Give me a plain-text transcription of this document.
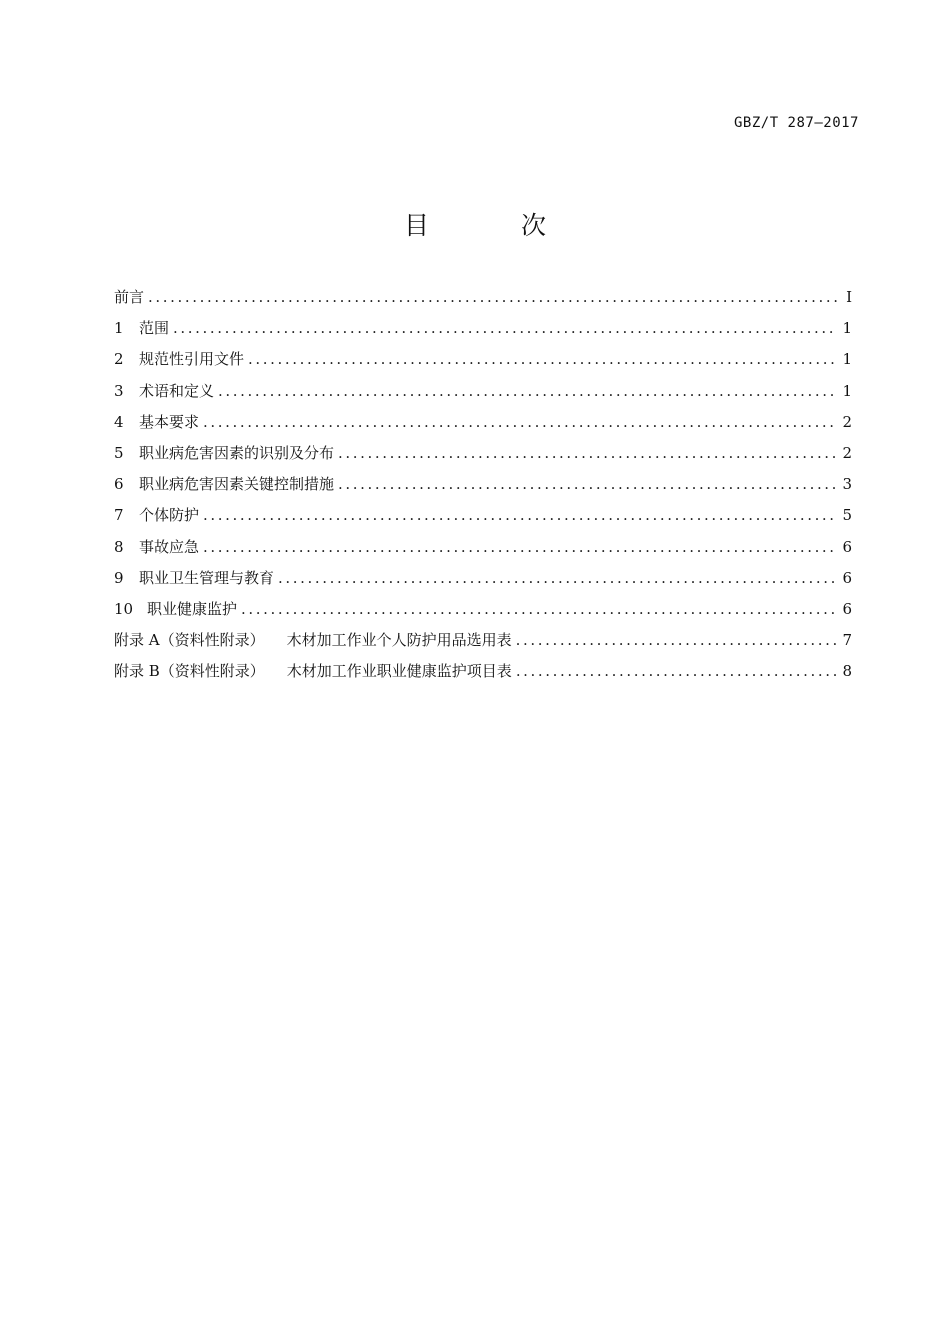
GBZ/T 287—2017
目 次
前言 .....	I
1	范围 .....	1
2	规范性引用文件 .....	1
3	术语和定义 .....	1
4	基本要求 .....	2
5	职业病危害因素的识别及分布 .....	2
6	职业病危害因素关键控制措施 .....	3
7	个体防护 .....	5
8	事故应急 .....	6
9	职业卫生管理与教育 .....	6
10 职业健康监护 .....	6
附录 A（资料性附录） 木材加工作业个人防护用品选用表 .....	7
附录 B（资料性附录） 木材加工作业职业健康监护项目表 .....	8
